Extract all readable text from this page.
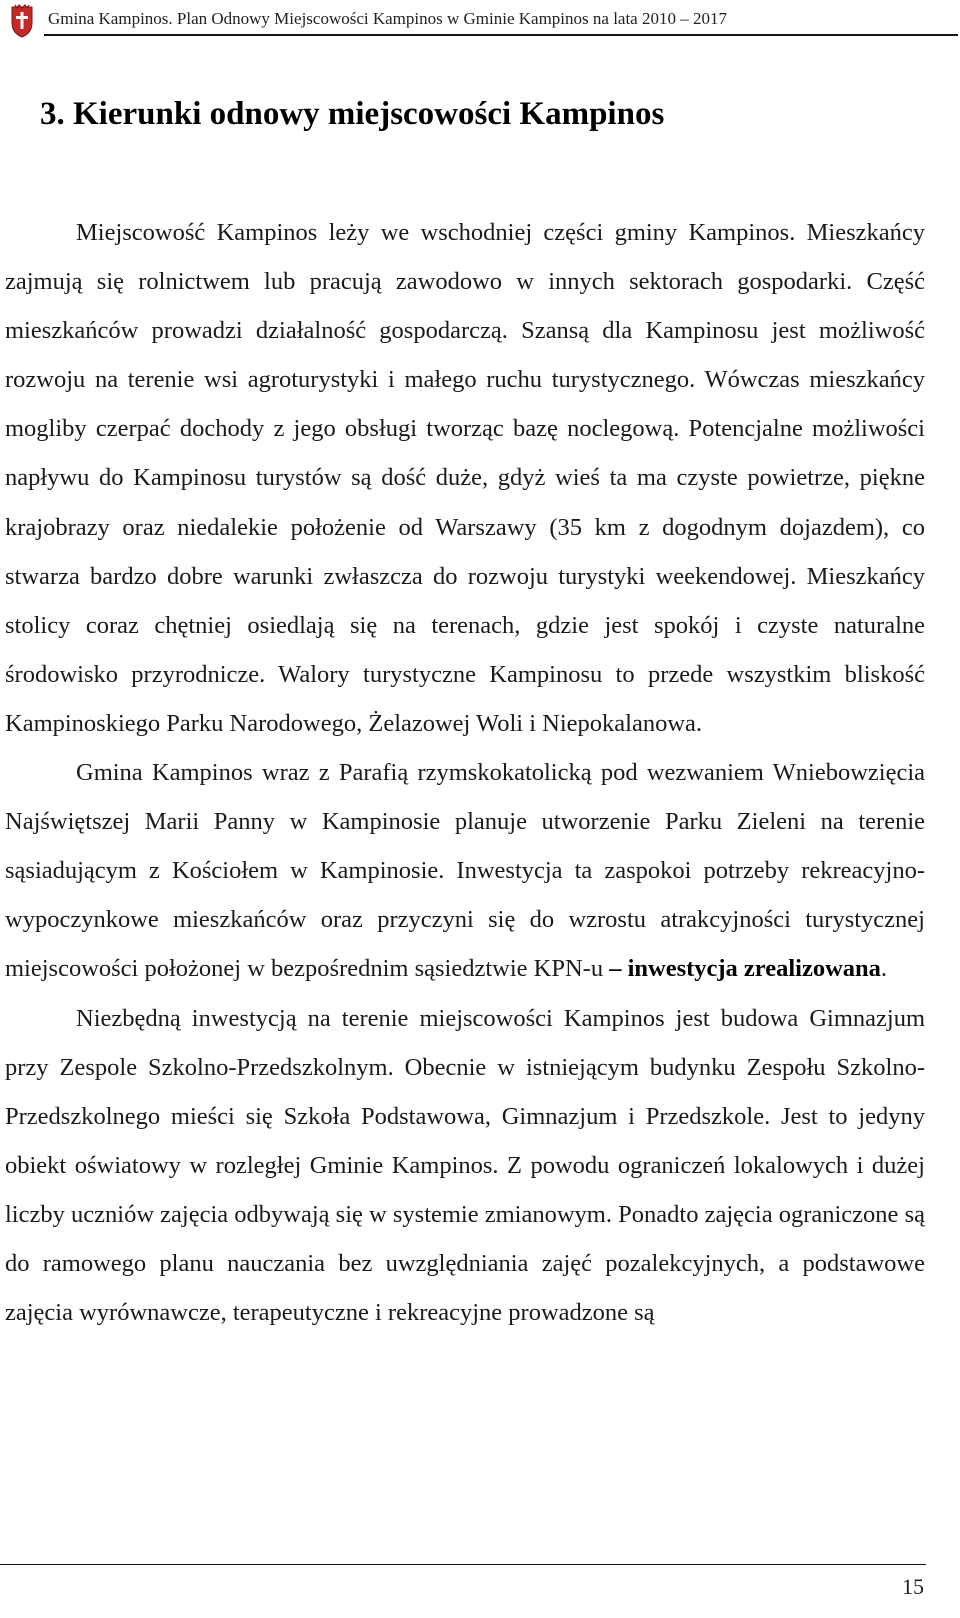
Gmina Kampinos. Plan Odnowy Miejscowości Kampinos w Gminie Kampinos na lata 2010 – 2017
3. Kierunki odnowy miejscowości Kampinos

Miejscowość Kampinos leży we wschodniej części gminy Kampinos. Mieszkańcy zajmują się rolnictwem lub pracują zawodowo w innych sektorach gospodarki. Część mieszkańców prowadzi działalność gospodarczą. Szansą dla Kampinosu jest możliwość rozwoju na terenie wsi agroturystyki i małego ruchu turystycznego. Wówczas mieszkańcy mogliby czerpać dochody z jego obsługi tworząc bazę noclegową. Potencjalne możliwości napływu do Kampinosu turystów są dość duże, gdyż wieś ta ma czyste powietrze, piękne krajobrazy oraz niedalekie położenie od Warszawy (35 km z dogodnym dojazdem), co stwarza bardzo dobre warunki zwłaszcza do rozwoju turystyki weekendowej. Mieszkańcy stolicy coraz chętniej osiedlają się na terenach, gdzie jest spokój i czyste naturalne środowisko przyrodnicze. Walory turystyczne Kampinosu to przede wszystkim bliskość Kampinoskiego Parku Narodowego, Żelazowej Woli i Niepokalanowa.

Gmina Kampinos wraz z Parafią rzymskokatolicką pod wezwaniem Wniebowzięcia Najświętszej Marii Panny w Kampinosie planuje utworzenie Parku Zieleni na terenie sąsiadującym z Kościołem w Kampinosie. Inwestycja ta zaspokoi potrzeby rekreacyjno-wypoczynkowe mieszkańców oraz przyczyni się do wzrostu atrakcyjności turystycznej miejscowości położonej w bezpośrednim sąsiedztwie KPN-u – inwestycja zrealizowana.

Niezbędną inwestycją na terenie miejscowości Kampinos jest budowa Gimnazjum przy Zespole Szkolno-Przedszkolnym. Obecnie w istniejącym budynku Zespołu Szkolno-Przedszkolnego mieści się Szkoła Podstawowa, Gimnazjum i Przedszkole. Jest to jedyny obiekt oświatowy w rozległej Gminie Kampinos. Z powodu ograniczeń lokalowych i dużej liczby uczniów zajęcia odbywają się w systemie zmianowym. Ponadto zajęcia ograniczone są do ramowego planu nauczania bez uwzględniania zajęć pozalekcyjnych, a podstawowe zajęcia wyrównawcze, terapeutyczne i rekreacyjne prowadzone są

15
